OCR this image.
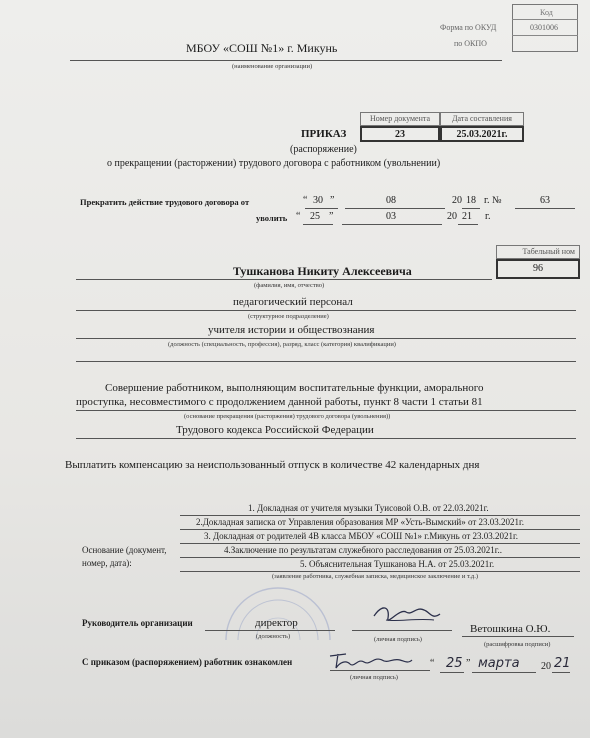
Код
Форма по ОКУД	0301006
по ОКПО
МБОУ «СОШ №1» г. Микунь
(наименование организации)
Номер документа	Дата составления
23	25.03.2021г.
ПРИКАЗ
(распоряжение)
о прекращении (расторжении) трудового договора с работником (увольнении)
Прекратить действие трудового договора от	“ 30 ”	08	20 18 г. №	63
уволить “ 25 ”	03	20 21 г.
Табельный ном
96
Тушканова Никиту Алексеевича
(фамилия, имя, отчество)
педагогический персонал
(структурное подразделение)
учителя истории и обществознания
(должность (специальность, профессия), разряд, класс (категория) квалификации)
Совершение работником, выполняющим воспитательные функции, аморального
проступка, несовместимого с продолжением данной работы, пункт 8 части 1 статьи 81
(основание прекращения (расторжения) трудового договора (увольнения))
Трудового кодекса Российской Федерации
Выплатить компенсацию за неиспользованный отпуск в количестве 42 календарных дня
1. Докладная от учителя музыки Туисовой О.В. от 22.03.2021г.
2.Докладная записка от Управления образования МР «Усть-Вымский» от 23.03.2021г.
3. Докладная от родителей 4В класса МБОУ «СОШ №1» г.Микунь от 23.03.2021г.
Основание (документ,	4.Заключение по результатам служебного расследования от 25.03.2021г..
номер, дата):	5. Объяснительная Тушканова Н.А. от 25.03.2021г.
(заявление работника, служебная записка, медицинское заключение и т.д.)
Руководитель организации	директор
(должность)	(личная подпись)
Ветошкина О.Ю.
(расшифровка подписи)
С приказом (распоряжением) работник ознакомлен
(личная подпись)
“ 25 ” марта 20 21
